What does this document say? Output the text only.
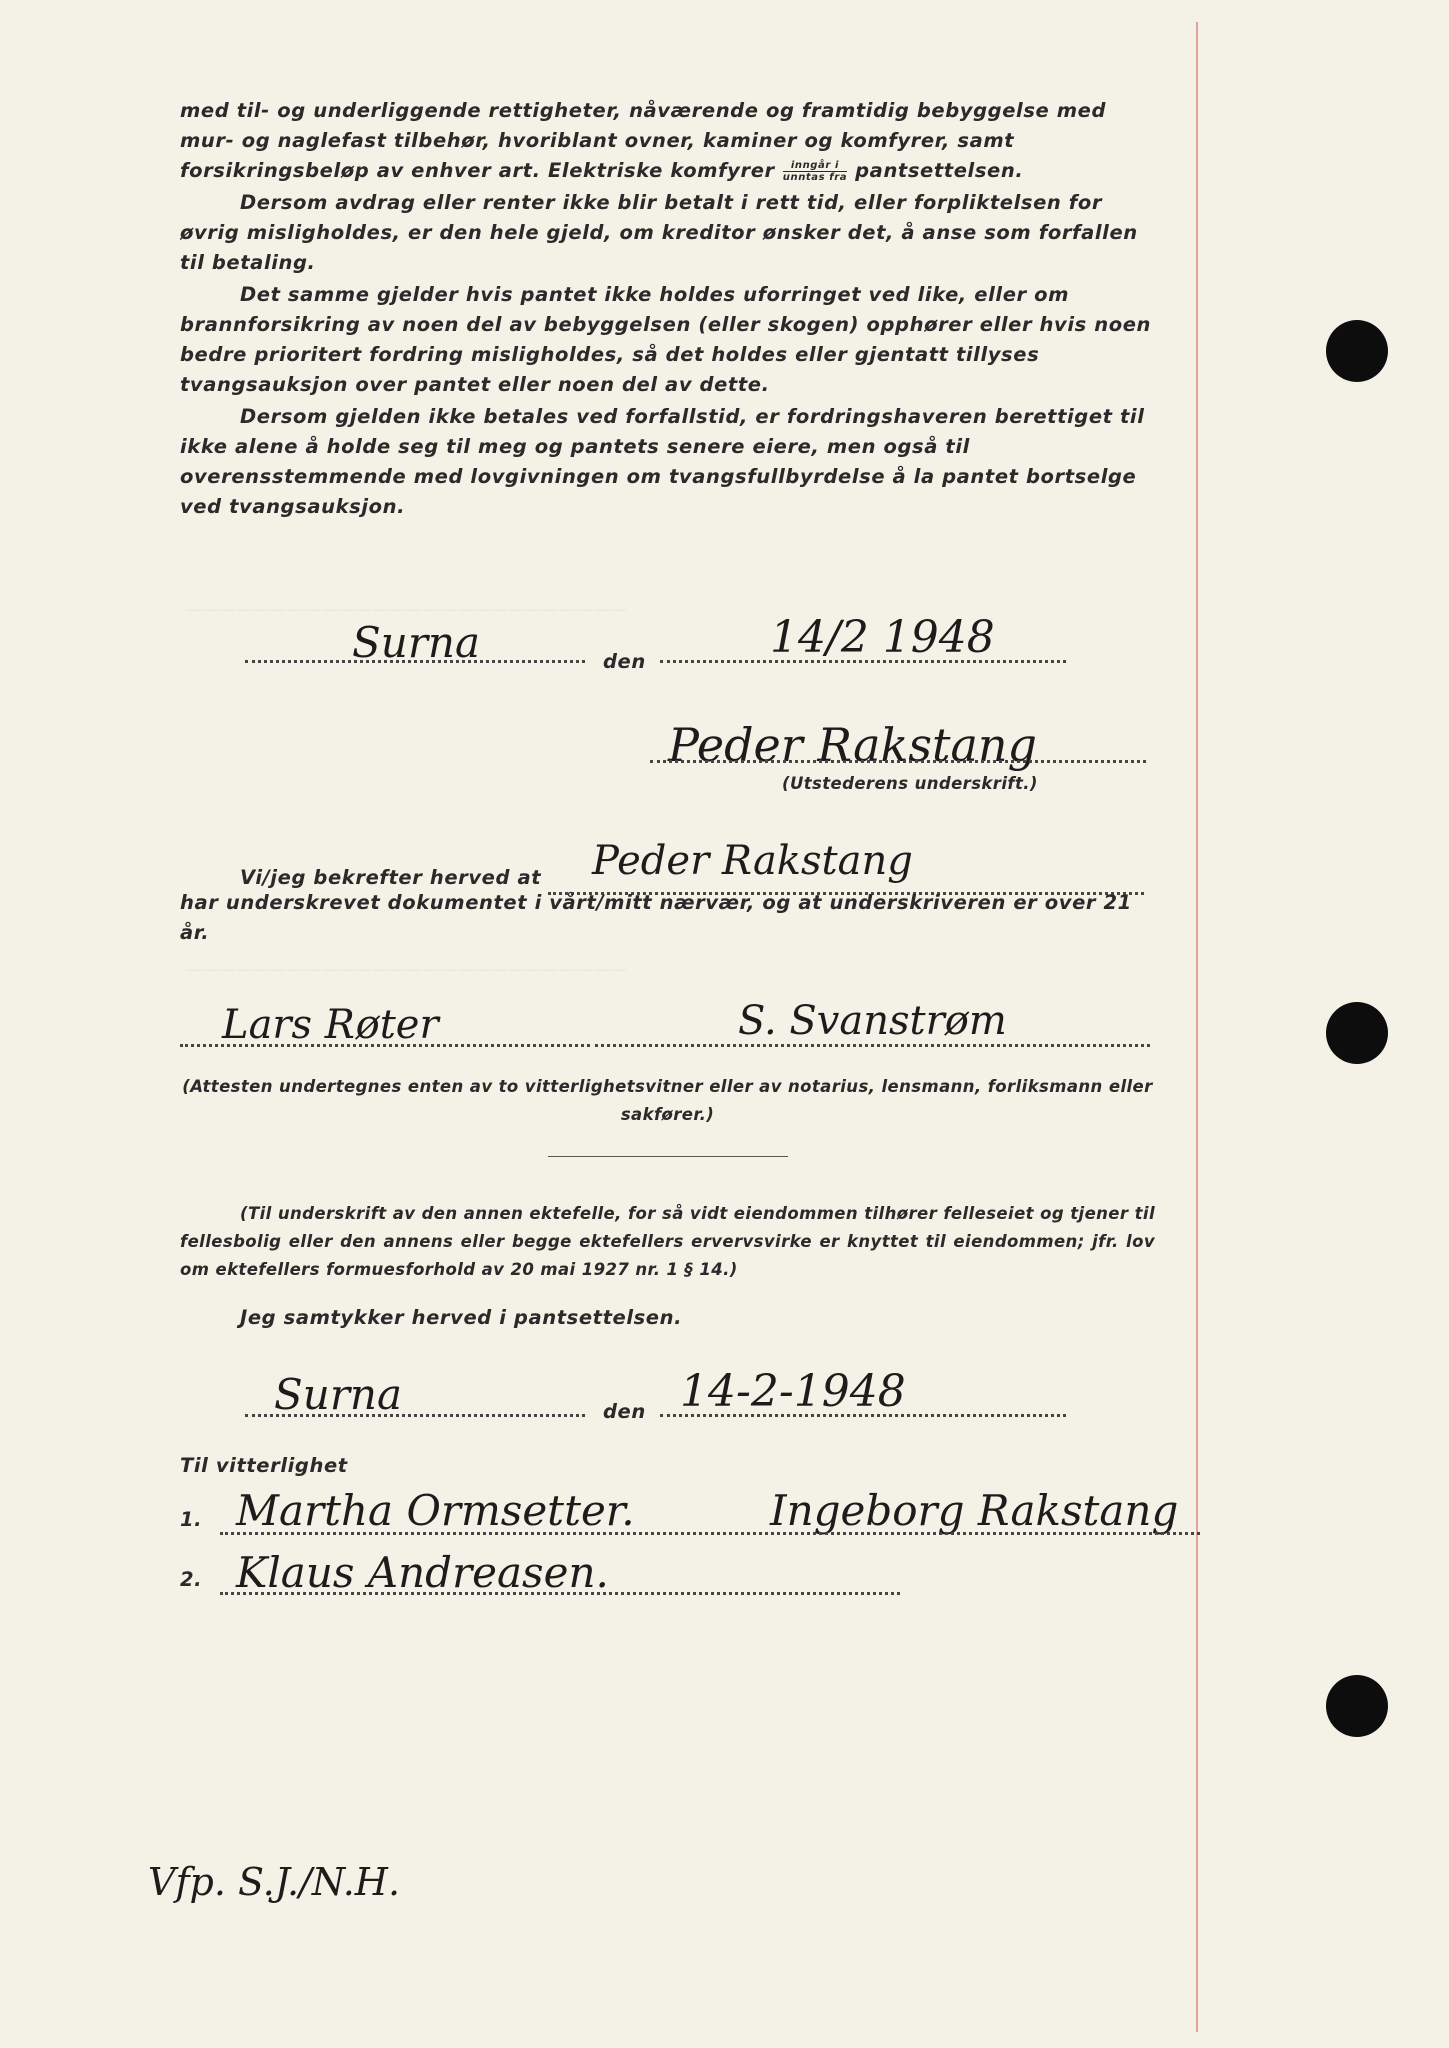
——————————————————————————
——————————————————————————
med til- og underliggende rettigheter, nåværende og framtidig bebyggelse med mur- og naglefast tilbehør, hvoriblant ovner, kaminer og komfyrer, samt forsikringsbeløp av enhver art. Elektriske komfyrer $\frac{\text{inngår i}}{\text{unntas fra}}$ pantsettelsen.
Dersom avdrag eller renter ikke blir betalt i rett tid, eller forpliktelsen for øvrig misligholdes, er den hele gjeld, om kreditor ønsker det, å anse som forfallen til betaling.
Det samme gjelder hvis pantet ikke holdes uforringet ved like, eller om brannforsikring av noen del av bebyggelsen (eller skogen) opphører eller hvis noen bedre prioritert fordring misligholdes, så det holdes eller gjentatt tillyses tvangsauksjon over pantet eller noen del av dette.
Dersom gjelden ikke betales ved forfallstid, er fordringshaveren berettiget til ikke alene å holde seg til meg og pantets senere eiere, men også til overensstemmende med lovgivningen om tvangsfullbyrdelse å la pantet bortselge ved tvangsauksjon.
Surna	den	14/2 1948
Peder Rakstang
(Utstederens underskrift.)
Vi/jeg bekrefter herved at Peder Rakstang
har underskrevet dokumentet i vårt/mitt nærvær, og at underskriveren er over 21 år.
Lars Røter	S. Svanstrøm
(Attesten undertegnes enten av to vitterlighetsvitner eller av notarius, lensmann, forliksmann eller sakfører.)
(Til underskrift av den annen ektefelle, for så vidt eiendommen tilhører felleseiet og tjener til fellesbolig eller den annens eller begge ektefellers ervervsvirke er knyttet til eiendommen; jfr. lov om ektefellers formuesforhold av 20 mai 1927 nr. 1 § 14.)
Jeg samtykker herved i pantsettelsen.
Surna	den 14-2-1948
Til vitterlighet
1. Martha Ormsetter.	Ingeborg Rakstang
2. Klaus Andreasen.
Vfp. S.J./N.H.
